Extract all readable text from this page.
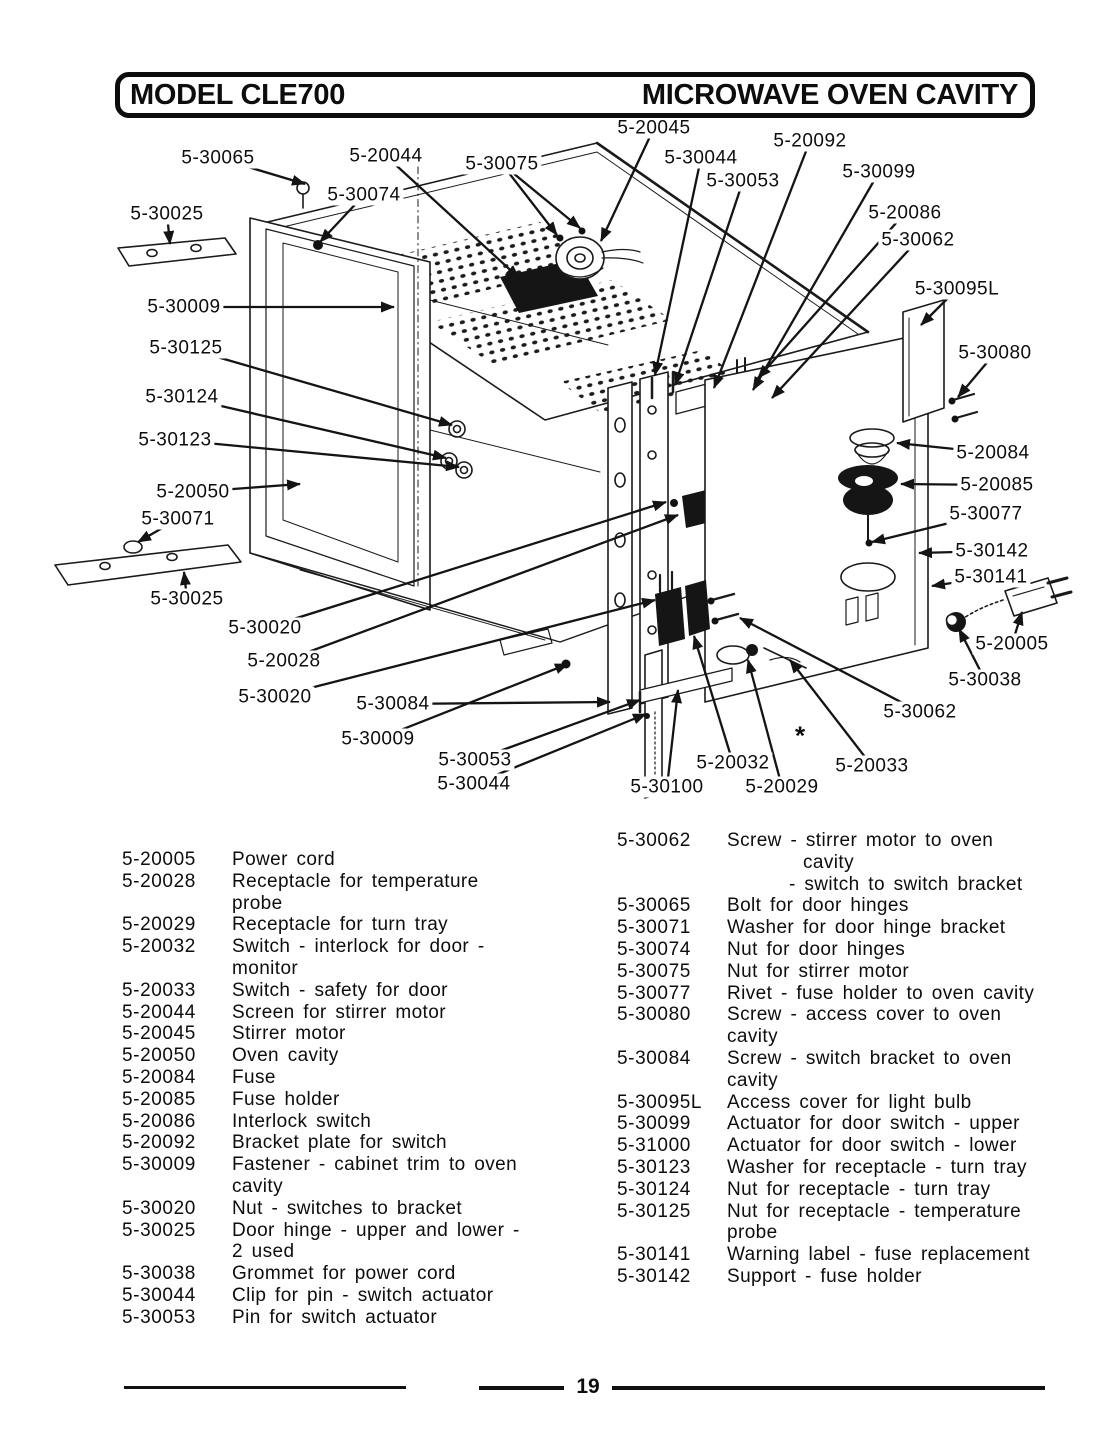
MODEL CLE700	MICROWAVE OVEN CAVITY
5-20045
5-20092
5-30065	5-20044 5-30075	5-30044
5-30053	5-30099
5-30074
5-20086
5-30025
5-30062
5-30095L
5-30009
5-30080
5-30125
5-30124
5-30123
5-20084
5-20085
5-20050
5-30077
5-30071
5-30142
5-30141
5-30025
5-20005
5-30020
5-30038
5-20028
5-30020 5-30084	5-30062
5-30009
5-30053	5-20032	5-20033
5-30044	5-30100 5-20029
*
5-20005	Power cord
5-20028	Receptacle for temperature
probe
5-20029	Receptacle for turn tray
5-20032	Switch - interlock for door -
monitor
5-20033	Switch - safety for door
5-20044	Screen for stirrer motor
5-20045	Stirrer motor
5-20050	Oven cavity
5-20084	Fuse
5-20085	Fuse holder
5-20086	Interlock switch
5-20092	Bracket plate for switch
5-30009	Fastener - cabinet trim to oven
cavity
5-30020	Nut - switches to bracket
5-30025	Door hinge - upper and lower -
2 used
5-30038	Grommet for power cord
5-30044	Clip for pin - switch actuator
5-30053	Pin for switch actuator
5-30062	Screw - stirrer motor to oven
cavity
- switch to switch bracket
5-30065	Bolt for door hinges
5-30071	Washer for door hinge bracket
5-30074	Nut for door hinges
5-30075	Nut for stirrer motor
5-30077	Rivet - fuse holder to oven cavity
5-30080	Screw - access cover to oven
cavity
5-30084	Screw - switch bracket to oven
cavity
5-30095L	Access cover for light bulb
5-30099	Actuator for door switch - upper
5-31000	Actuator for door switch - lower
5-30123	Washer for receptacle - turn tray
5-30124	Nut for receptacle - turn tray
5-30125	Nut for receptacle - temperature
probe
5-30141	Warning label - fuse replacement
5-30142	Support - fuse holder
19
